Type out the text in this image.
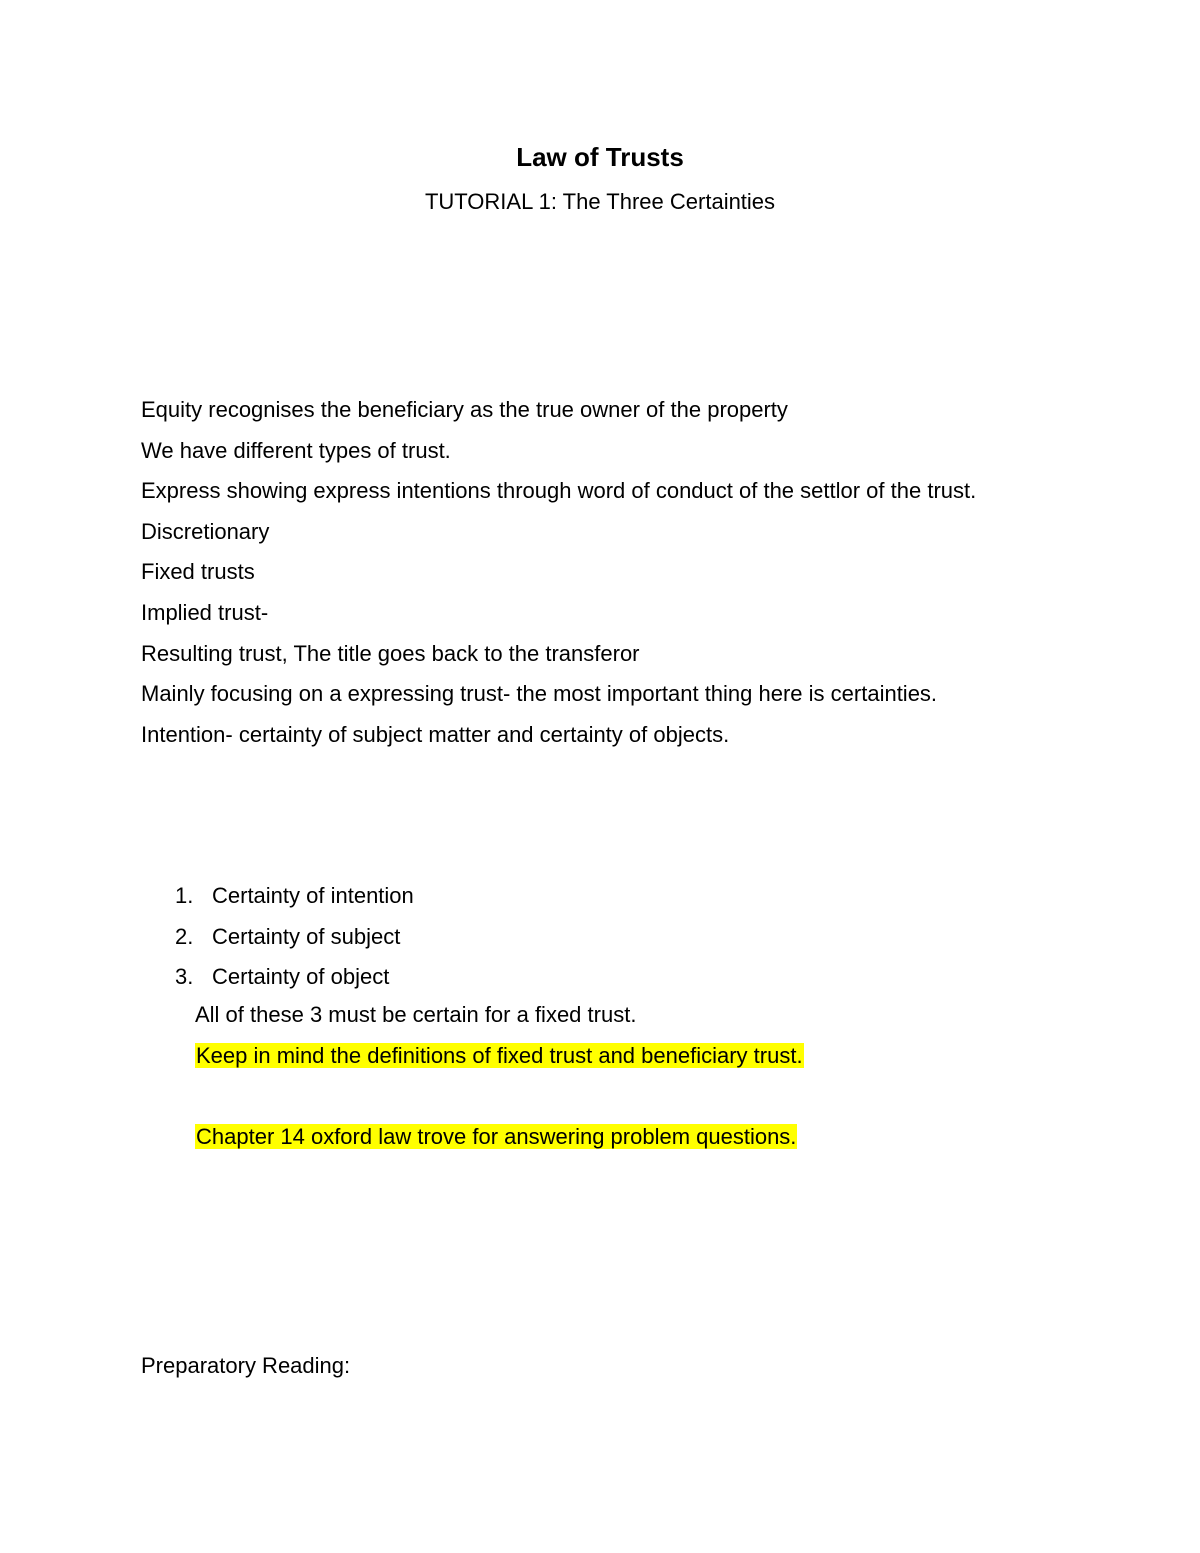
Law of Trusts
TUTORIAL 1: The Three Certainties

Equity recognises the beneficiary as the true owner of the property

We have different types of trust.

Express showing express intentions through word of conduct of the settlor of the trust.

Discretionary

Fixed trusts

Implied trust-

Resulting trust, The title goes back to the transferor

Mainly focusing on a expressing trust- the most important thing here is certainties.

Intention- certainty of subject matter and certainty of objects.

1. Certainty of intention
2. Certainty of subject
3. Certainty of object
All of these 3 must be certain for a fixed trust.
Keep in mind the definitions of fixed trust and beneficiary trust.
Chapter 14 oxford law trove for answering problem questions.
Preparatory Reading:
